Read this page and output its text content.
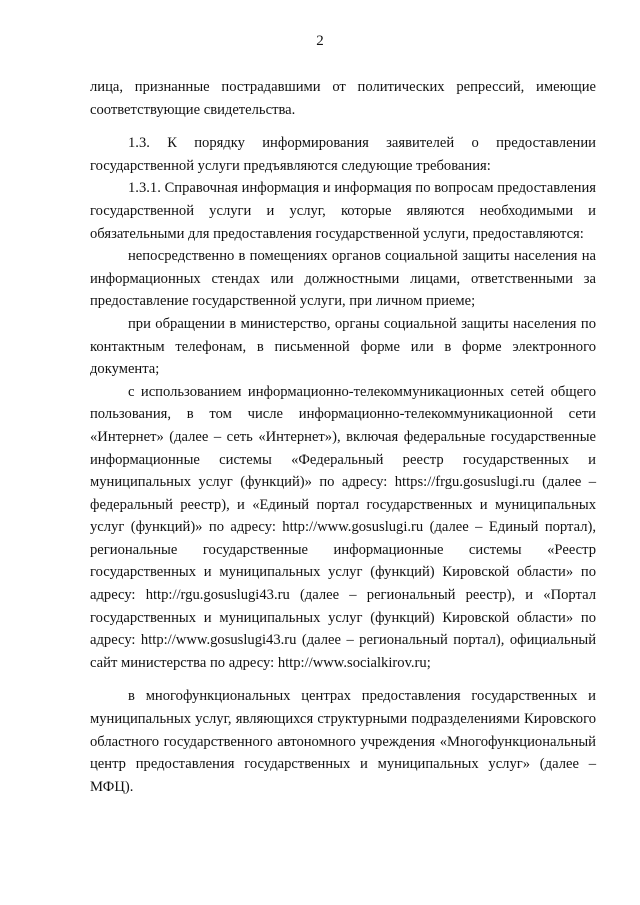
2

лица, признанные пострадавшими от политических репрессий, имеющие соответствующие свидетельства.

1.3. К порядку информирования заявителей о предоставлении государственной услуги предъявляются следующие требования:

1.3.1. Справочная информация и информация по вопросам предоставления государственной услуги и услуг, которые являются необходимыми и обязательными для предоставления государственной услуги, предоставляются:

непосредственно в помещениях органов социальной защиты населения на информационных стендах или должностными лицами, ответственными за предоставление государственной услуги, при личном приеме;

при обращении в министерство, органы социальной защиты населения по контактным телефонам, в письменной форме или в форме электронного документа;

с использованием информационно-телекоммуникационных сетей общего пользования, в том числе информационно-телекоммуникационной сети «Интернет» (далее – сеть «Интернет»), включая федеральные государственные информационные системы «Федеральный реестр государственных и муниципальных услуг (функций)» по адресу: https://frgu.gosuslugi.ru (далее – федеральный реестр), и «Единый портал государственных и муниципальных услуг (функций)» по адресу: http://www.gosuslugi.ru (далее – Единый портал), региональные государственные информационные системы «Реестр государственных и муниципальных услуг (функций) Кировской области» по адресу: http://rgu.gosuslugi43.ru (далее – региональный реестр), и «Портал государственных и муниципальных услуг (функций) Кировской области» по адресу: http://www.gosuslugi43.ru (далее – региональный портал), официальный сайт министерства по адресу: http://www.socialkirov.ru;

в многофункциональных центрах предоставления государственных и муниципальных услуг, являющихся структурными подразделениями Кировского областного государственного автономного учреждения «Многофункциональный центр предоставления государственных и муниципальных услуг» (далее – МФЦ).
